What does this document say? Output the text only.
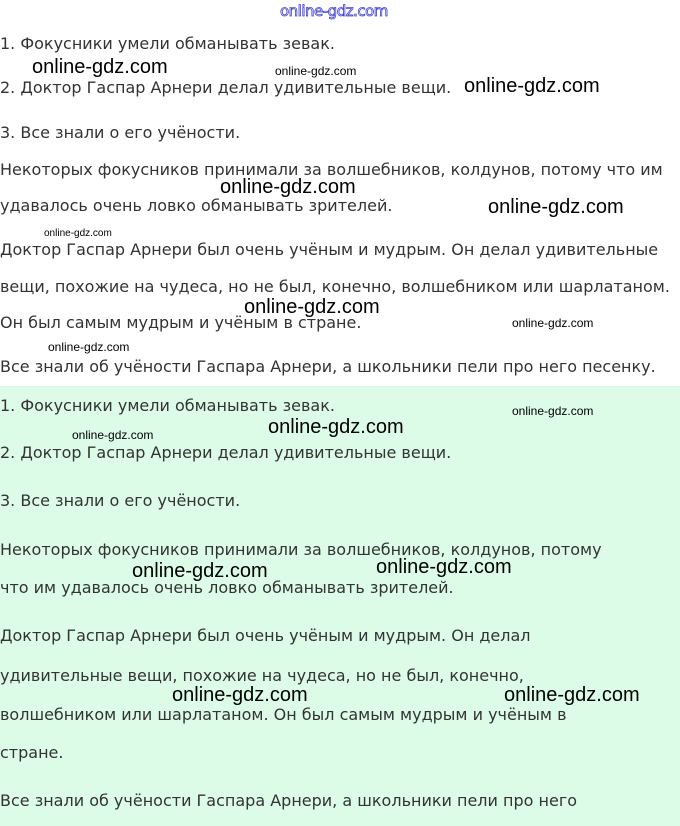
1. Фокусники умели обманывать зевак.

2. Доктор Гаспар Арнери делал удивительные вещи.

3. Все знали о его учёности.

Некоторых фокусников принимали за волшебников, колдунов, потому что им

удавалось очень ловко обманывать зрителей.

Доктор Гаспар Арнери был очень учёным и мудрым. Он делал удивительные

вещи, похожие на чудеса, но не был, конечно, волшебником или шарлатаном.

Он был самым мудрым и учёным в стране.

Все знали об учёности Гаспара Арнери, а школьники пели про него песенку.

1. Фокусники умели обманывать зевак.

2. Доктор Гаспар Арнери делал удивительные вещи.

3. Все знали о его учёности.

Некоторых фокусников принимали за волшебников, колдунов, потому

что им удавалось очень ловко обманывать зрителей.

Доктор Гаспар Арнери был очень учёным и мудрым. Он делал

удивительные вещи, похожие на чудеса, но не был, конечно,

волшебником или шарлатаном. Он был самым мудрым и учёным в

стране.

Все знали об учёности Гаспара Арнери, а школьники пели про него

online-gdz.com
online-gdz.com	online-gdz.com
online-gdz.com
online-gdz.com
online-gdz.com
online-gdz.com
online-gdz.com
online-gdz.com
online-gdz.com
online-gdz.com
online-gdz.com
online-gdz.com
online-gdz.com
online-gdz.com
online-gdz.com	online-gdz.com
